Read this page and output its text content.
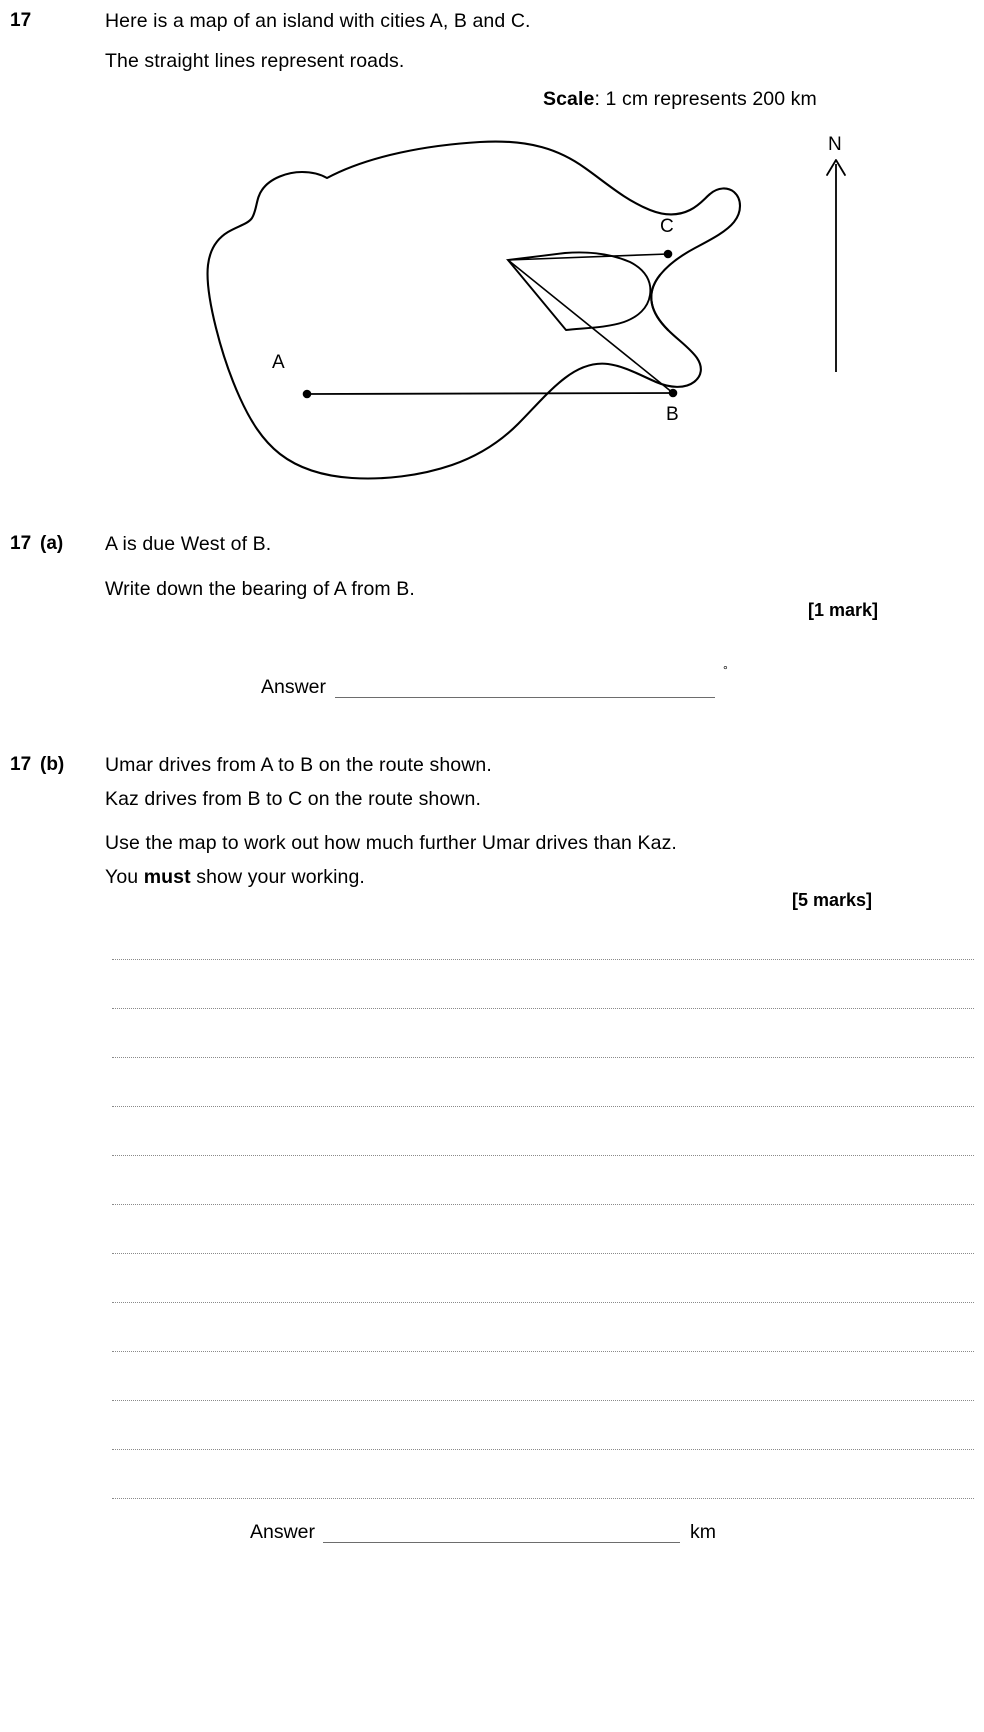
17	Here is a map of an island with cities A, B and C.
The straight lines represent roads.
Scale: 1 cm represents 200 km
A
B
C
N
17 (a) A is due West of B.
Write down the bearing of A from B.
[1 mark]
Answer
°
17 (b) Umar drives from A to B on the route shown.
Kaz drives from B to C on the route shown.
Use the map to work out how much further Umar drives than Kaz.
You must show your working.
[5 marks]
Answer	km
